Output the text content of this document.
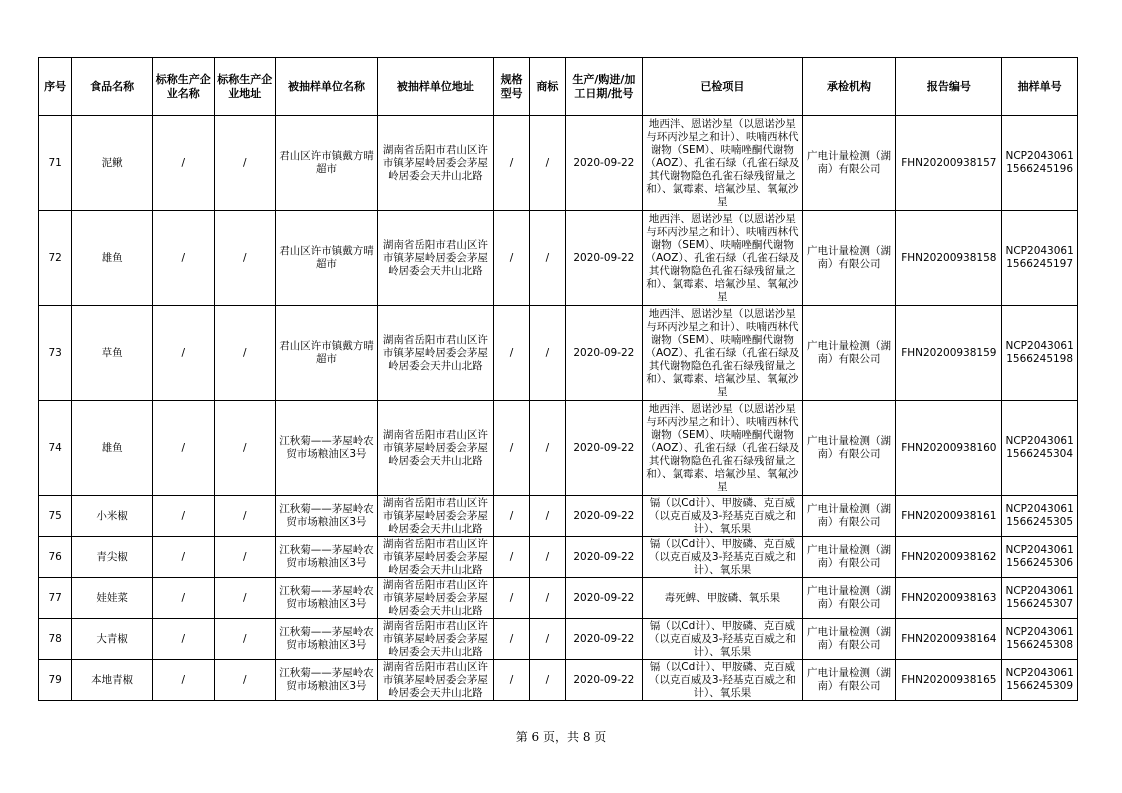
序号	食品名称	标称生产企业名称	标称生产企业地址	被抽样单位名称	被抽样单位地址	规格型号	商标	生产/购进/加工日期/批号	已检项目	承检机构	报告编号	抽样单号
71	泥鳅	/	/	君山区许市镇戴方晴超市	湖南省岳阳市君山区许市镇茅屋岭居委会茅屋岭居委会天井山北路	/	/	2020-09-22	地西泮、恩诺沙星（以恩诺沙星与环丙沙星之和计）、呋喃西林代谢物（SEM）、呋喃唑酮代谢物（AOZ）、孔雀石绿（孔雀石绿及其代谢物隐色孔雀石绿残留量之和）、氯霉素、培氟沙星、氧氟沙星	广电计量检测（湖南）有限公司	FHN20200938157	NCP20430611566245196
72	雄鱼	/	/	君山区许市镇戴方晴超市	湖南省岳阳市君山区许市镇茅屋岭居委会茅屋岭居委会天井山北路	/	/	2020-09-22	地西泮、恩诺沙星（以恩诺沙星与环丙沙星之和计）、呋喃西林代谢物（SEM）、呋喃唑酮代谢物（AOZ）、孔雀石绿（孔雀石绿及其代谢物隐色孔雀石绿残留量之和）、氯霉素、培氟沙星、氧氟沙星	广电计量检测（湖南）有限公司	FHN20200938158	NCP20430611566245197
73	草鱼	/	/	君山区许市镇戴方晴超市	湖南省岳阳市君山区许市镇茅屋岭居委会茅屋岭居委会天井山北路	/	/	2020-09-22	地西泮、恩诺沙星（以恩诺沙星与环丙沙星之和计）、呋喃西林代谢物（SEM）、呋喃唑酮代谢物（AOZ）、孔雀石绿（孔雀石绿及其代谢物隐色孔雀石绿残留量之和）、氯霉素、培氟沙星、氧氟沙星	广电计量检测（湖南）有限公司	FHN20200938159	NCP20430611566245198
74	雄鱼	/	/	江秋菊——茅屋岭农贸市场粮油区3号	湖南省岳阳市君山区许市镇茅屋岭居委会茅屋岭居委会天井山北路	/	/	2020-09-22	地西泮、恩诺沙星（以恩诺沙星与环丙沙星之和计）、呋喃西林代谢物（SEM）、呋喃唑酮代谢物（AOZ）、孔雀石绿（孔雀石绿及其代谢物隐色孔雀石绿残留量之和）、氯霉素、培氟沙星、氧氟沙星	广电计量检测（湖南）有限公司	FHN20200938160	NCP20430611566245304
75	小米椒	/	/	江秋菊——茅屋岭农贸市场粮油区3号	湖南省岳阳市君山区许市镇茅屋岭居委会茅屋岭居委会天井山北路	/	/	2020-09-22	镉（以Cd计）、甲胺磷、克百威（以克百威及3-羟基克百威之和计）、氧乐果	广电计量检测（湖南）有限公司	FHN20200938161	NCP20430611566245305
76	青尖椒	/	/	江秋菊——茅屋岭农贸市场粮油区3号	湖南省岳阳市君山区许市镇茅屋岭居委会茅屋岭居委会天井山北路	/	/	2020-09-22	镉（以Cd计）、甲胺磷、克百威（以克百威及3-羟基克百威之和计）、氧乐果	广电计量检测（湖南）有限公司	FHN20200938162	NCP20430611566245306
77	娃娃菜	/	/	江秋菊——茅屋岭农贸市场粮油区3号	湖南省岳阳市君山区许市镇茅屋岭居委会茅屋岭居委会天井山北路	/	/	2020-09-22	毒死蜱、甲胺磷、氧乐果	广电计量检测（湖南）有限公司	FHN20200938163	NCP20430611566245307
78	大青椒	/	/	江秋菊——茅屋岭农贸市场粮油区3号	湖南省岳阳市君山区许市镇茅屋岭居委会茅屋岭居委会天井山北路	/	/	2020-09-22	镉（以Cd计）、甲胺磷、克百威（以克百威及3-羟基克百威之和计）、氧乐果	广电计量检测（湖南）有限公司	FHN20200938164	NCP20430611566245308
79	本地青椒	/	/	江秋菊——茅屋岭农贸市场粮油区3号	湖南省岳阳市君山区许市镇茅屋岭居委会茅屋岭居委会天井山北路	/	/	2020-09-22	镉（以Cd计）、甲胺磷、克百威（以克百威及3-羟基克百威之和计）、氧乐果	广电计量检测（湖南）有限公司	FHN20200938165	NCP20430611566245309
第 6 页，共 8 页
